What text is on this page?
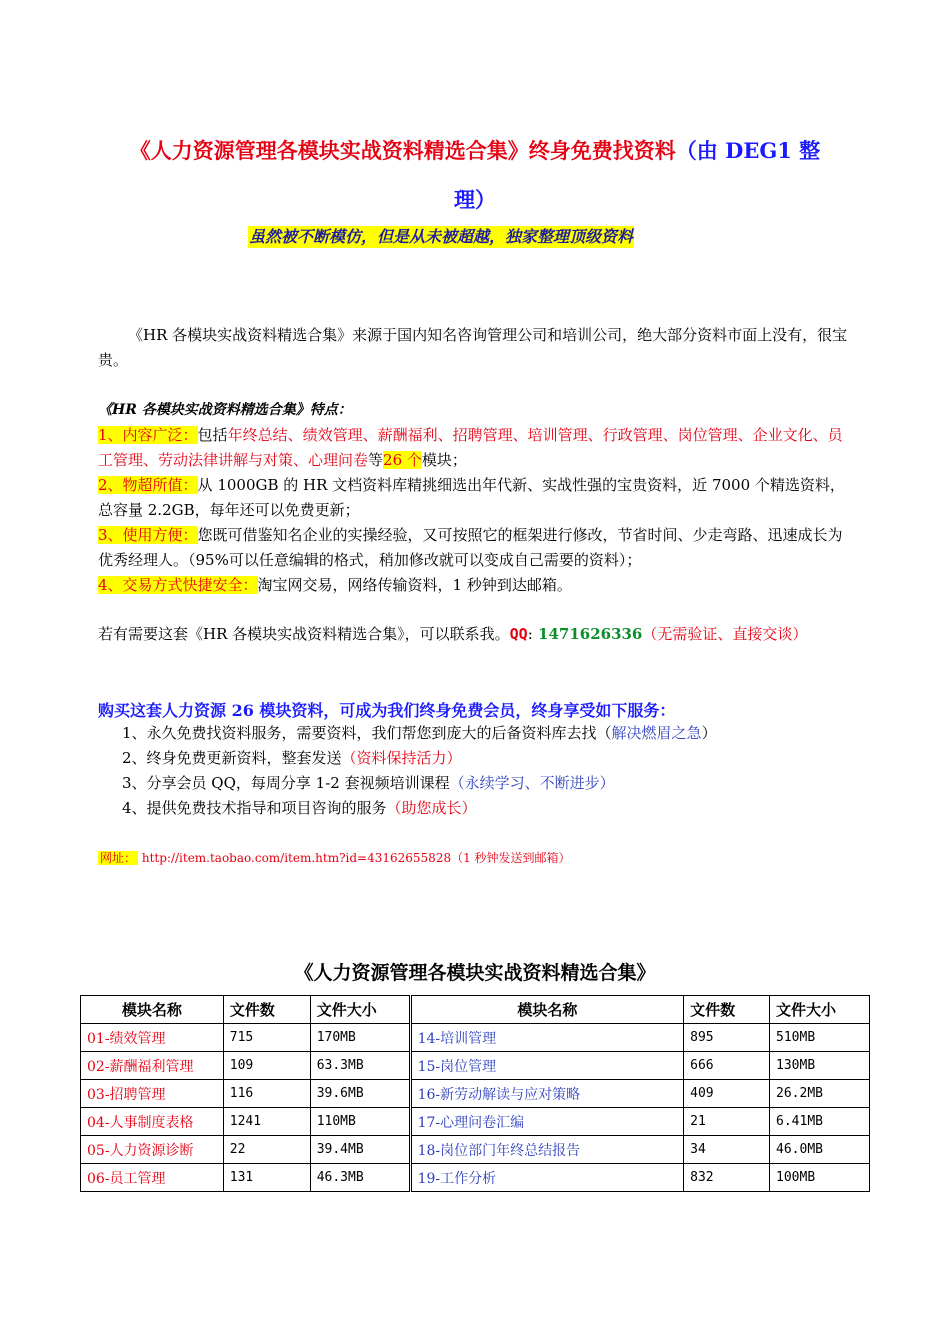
《人力资源管理各模块实战资料精选合集》终身免费找资料（由 DEG1 整
理）
虽然被不断模仿，但是从未被超越，独家整理顶级资料

《HR 各模块实战资料精选合集》来源于国内知名咨询管理公司和培训公司，绝大部分资料市面上没有，很宝贵。

《HR 各模块实战资料精选合集》特点：

1、内容广泛：包括年终总结、绩效管理、薪酬福利、招聘管理、培训管理、行政管理、岗位管理、企业文化、员工管理、劳动法律讲解与对策、心理问卷等26 个模块；

2、物超所值：从 1000GB 的 HR 文档资料库精挑细选出年代新、实战性强的宝贵资料，近 7000 个精选资料，总容量 2.2GB，每年还可以免费更新；

3、使用方便：您既可借鉴知名企业的实操经验，又可按照它的框架进行修改，节省时间、少走弯路、迅速成长为优秀经理人。（95%可以任意编辑的格式，稍加修改就可以变成自己需要的资料）；

4、交易方式快捷安全：淘宝网交易，网络传输资料，1 秒钟到达邮箱。

若有需要这套《HR 各模块实战资料精选合集》，可以联系我。QQ: 1471626336（无需验证、直接交谈）

购买这套人力资源 26 模块资料，可成为我们终身免费会员，终身享受如下服务：
1、永久免费找资料服务，需要资料，我们帮您到庞大的后备资料库去找（解决燃眉之急）
2、终身免费更新资料，整套发送（资料保持活力）
3、分享会员 QQ，每周分享 1-2 套视频培训课程（永续学习、不断进步）
4、提供免费技术指导和项目咨询的服务（助您成长）
网址： http://item.taobao.com/item.htm?id=43162655828（1 秒钟发送到邮箱）
《人力资源管理各模块实战资料精选合集》
模块名称	文件数	文件大小	模块名称	文件数	文件大小
01-绩效管理	715	170MB	14-培训管理	895	510MB
02-薪酬福利管理	109	63.3MB	15-岗位管理	666	130MB
03-招聘管理	116	39.6MB	16-新劳动解读与应对策略	409	26.2MB
04-人事制度表格	1241	110MB	17-心理问卷汇编	21	6.41MB
05-人力资源诊断	22	39.4MB	18-岗位部门年终总结报告	34	46.0MB
06-员工管理	131	46.3MB	19-工作分析	832	100MB
